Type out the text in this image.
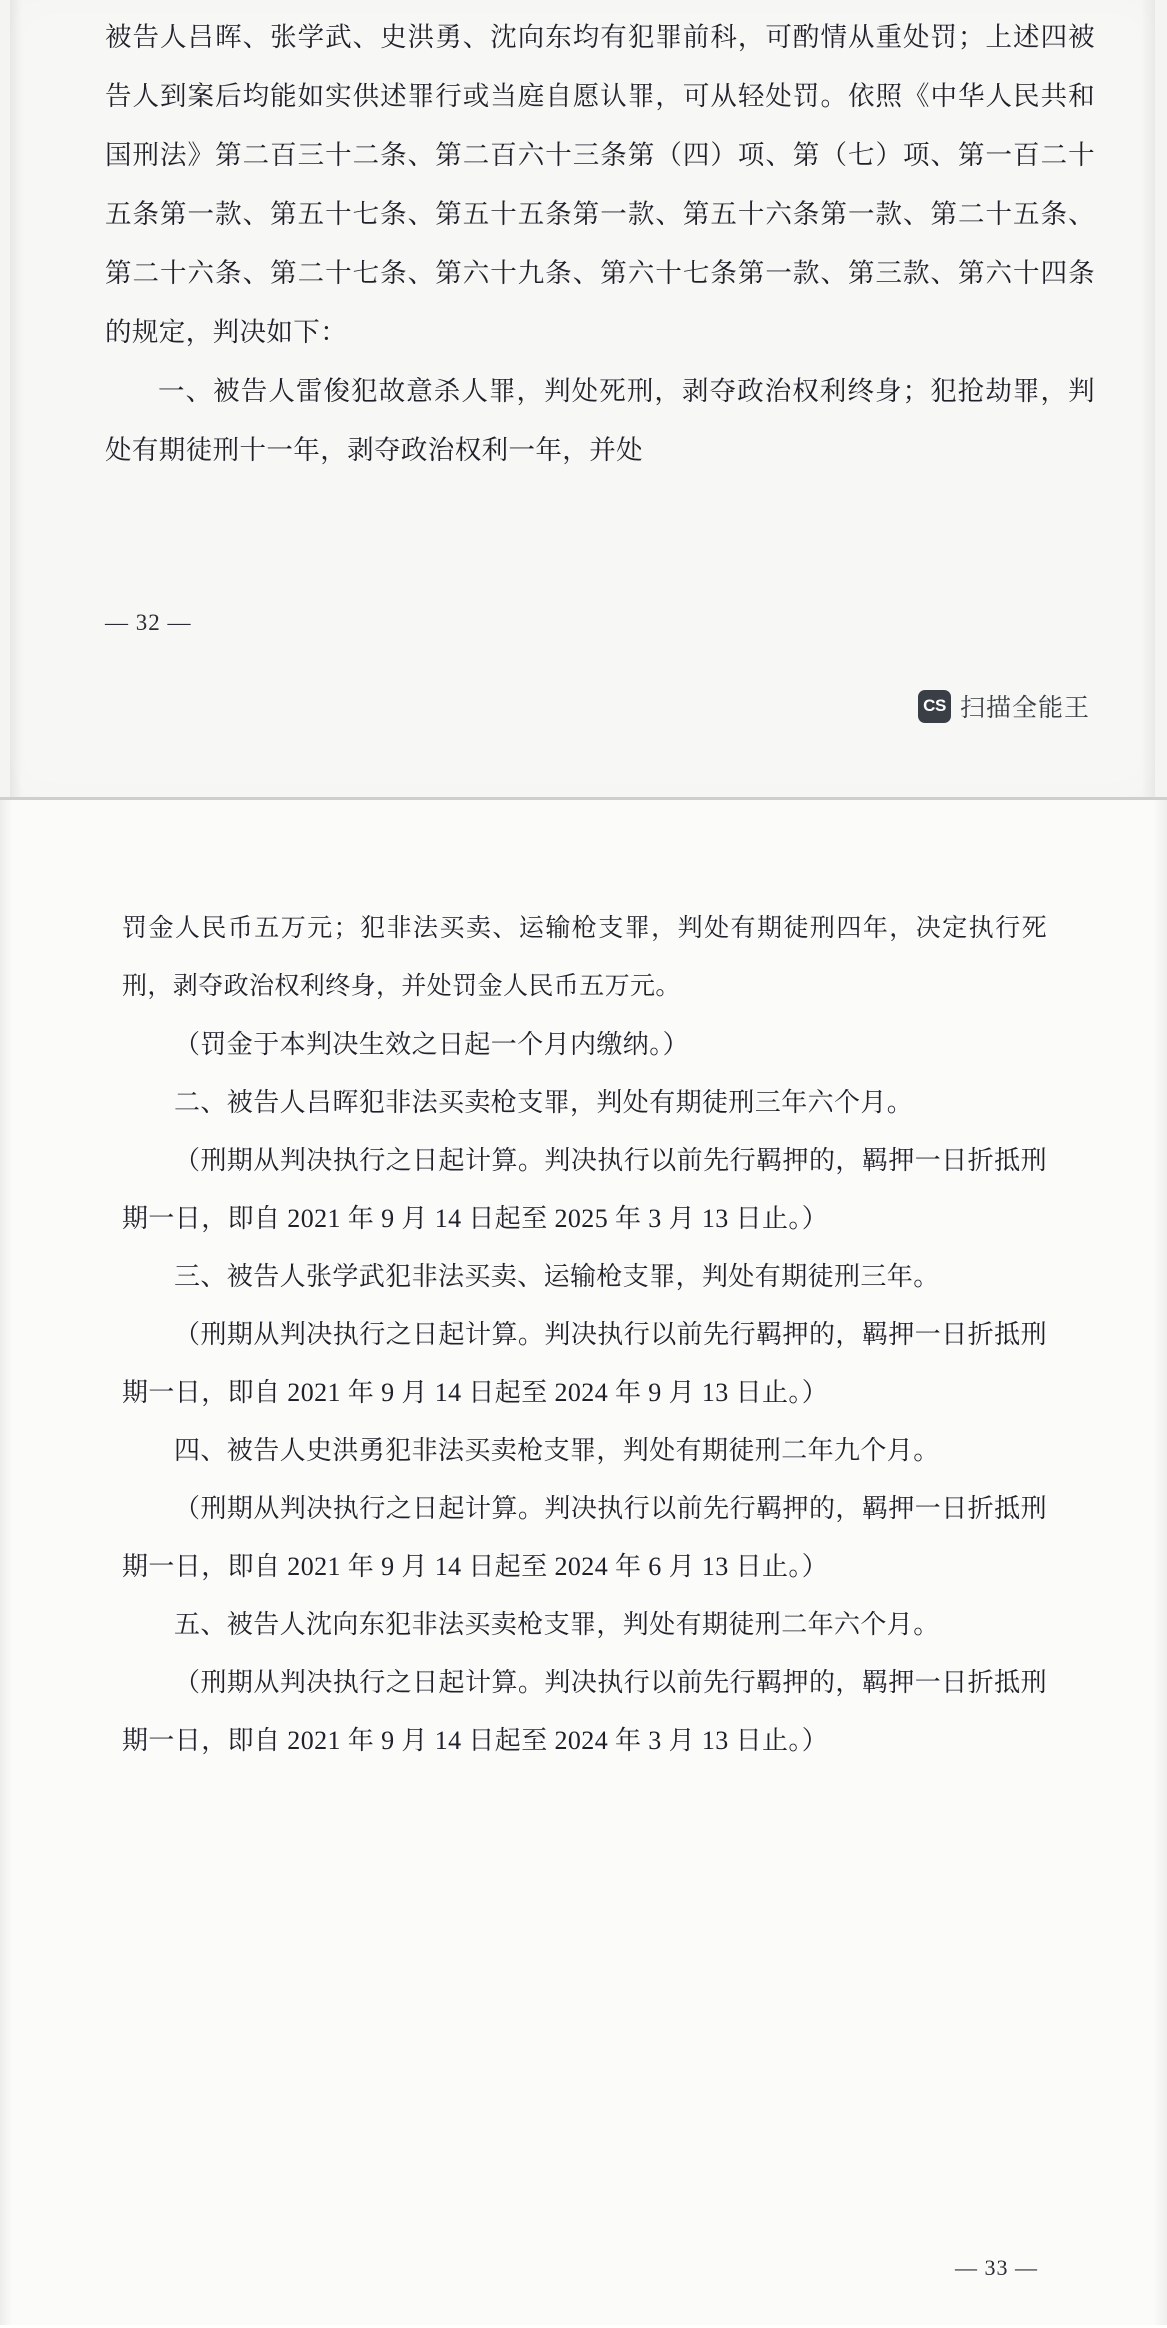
被告人吕晖、张学武、史洪勇、沈向东均有犯罪前科，可酌情从重处罚；上述四被告人到案后均能如实供述罪行或当庭自愿认罪，可从轻处罚。依照《中华人民共和国刑法》第二百三十二条、第二百六十三条第（四）项、第（七）项、第一百二十五条第一款、第五十七条、第五十五条第一款、第五十六条第一款、第二十五条、第二十六条、第二十七条、第六十九条、第六十七条第一款、第三款、第六十四条的规定，判决如下：

一、被告人雷俊犯故意杀人罪，判处死刑，剥夺政治权利终身；犯抢劫罪，判处有期徒刑十一年，剥夺政治权利一年，并处

— 32 —
CS 扫描全能王

罚金人民币五万元；犯非法买卖、运输枪支罪，判处有期徒刑四年，决定执行死刑，剥夺政治权利终身，并处罚金人民币五万元。

（罚金于本判决生效之日起一个月内缴纳。）

二、被告人吕晖犯非法买卖枪支罪，判处有期徒刑三年六个月。

（刑期从判决执行之日起计算。判决执行以前先行羁押的，羁押一日折抵刑期一日，即自 2021 年 9 月 14 日起至 2025 年 3 月 13 日止。）

三、被告人张学武犯非法买卖、运输枪支罪，判处有期徒刑三年。

（刑期从判决执行之日起计算。判决执行以前先行羁押的，羁押一日折抵刑期一日，即自 2021 年 9 月 14 日起至 2024 年 9 月 13 日止。）

四、被告人史洪勇犯非法买卖枪支罪，判处有期徒刑二年九个月。

（刑期从判决执行之日起计算。判决执行以前先行羁押的，羁押一日折抵刑期一日，即自 2021 年 9 月 14 日起至 2024 年 6 月 13 日止。）

五、被告人沈向东犯非法买卖枪支罪，判处有期徒刑二年六个月。

（刑期从判决执行之日起计算。判决执行以前先行羁押的，羁押一日折抵刑期一日，即自 2021 年 9 月 14 日起至 2024 年 3 月 13 日止。）

— 33 —
